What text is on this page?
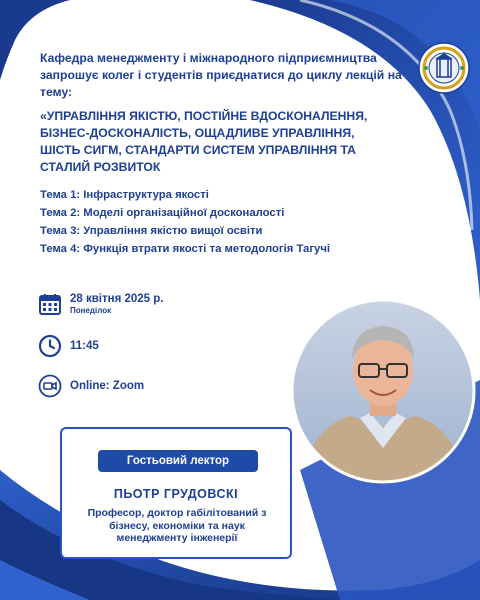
Кафедра менеджменту і міжнародного підприємництва запрошує колег і студентів приєднатися до циклу лекцій на тему:
«УПРАВЛІННЯ ЯКІСТЮ, ПОСТІЙНЕ ВДОСКОНАЛЕННЯ, БІЗНЕС-ДОСКОНАЛІСТЬ, ОЩАДЛИВЕ УПРАВЛІННЯ, ШІСТЬ СИГМ, СТАНДАРТИ СИСТЕМ УПРАВЛІННЯ ТА СТАЛИЙ РОЗВИТОК
Тема 1: Інфраструктура якості
Тема 2: Моделі організаційної досконалості
Тема 3: Управління якістю вищої освіти
Тема 4: Функція втрати якості та методологія Тагучі
28 квітня 2025 р.
Понеділок
11:45
Online: Zoom
Гостьовий лектор
ПЬОТР ГРУДОВСКІ
Професор, доктор габілітований з бізнесу, економіки та наук менеджменту інженерії
